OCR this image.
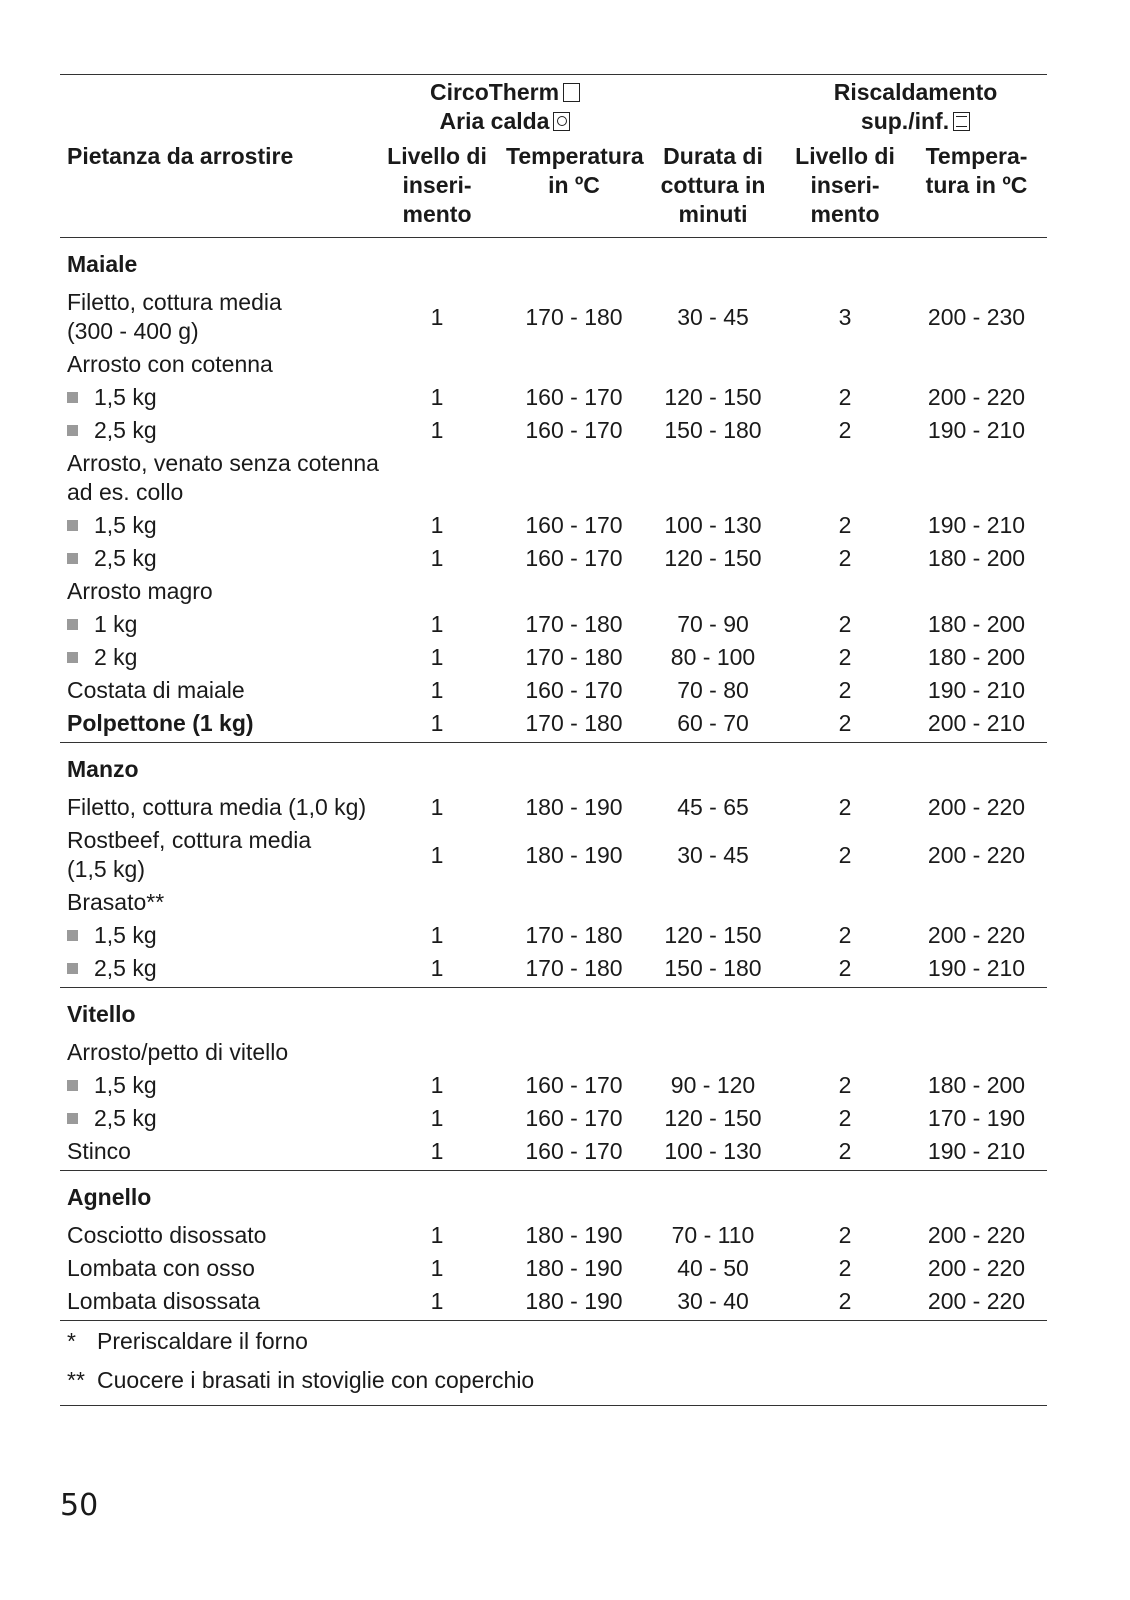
	CircoTherm
Aria calda			Riscaldamento
sup./inf.	
Pietanza da arrostire	Livello di
inseri-
mento	Temperatura
in ºC	Durata di
cottura in
minuti	Livello di
inseri-
mento	Tempera-
tura in ºC
Maiale					
Filetto, cottura media
(300 - 400 g)	1	170 - 180	30 - 45	3	200 - 230
Arrosto con cotenna					
1,5 kg	1	160 - 170	120 - 150	2	200 - 220
2,5 kg	1	160 - 170	150 - 180	2	190 - 210
Arrosto, venato senza cotenna
ad es. collo					
1,5 kg	1	160 - 170	100 - 130	2	190 - 210
2,5 kg	1	160 - 170	120 - 150	2	180 - 200
Arrosto magro					
1 kg	1	170 - 180	70 - 90	2	180 - 200
2 kg	1	170 - 180	80 - 100	2	180 - 200
Costata di maiale	1	160 - 170	70 - 80	2	190 - 210
Polpettone (1 kg)	1	170 - 180	60 - 70	2	200 - 210
Manzo					
Filetto, cottura media (1,0 kg)	1	180 - 190	45 - 65	2	200 - 220
Rostbeef, cottura media
(1,5 kg)	1	180 - 190	30 - 45	2	200 - 220
Brasato**					
1,5 kg	1	170 - 180	120 - 150	2	200 - 220
2,5 kg	1	170 - 180	150 - 180	2	190 - 210
Vitello					
Arrosto/petto di vitello					
1,5 kg	1	160 - 170	90 - 120	2	180 - 200
2,5 kg	1	160 - 170	120 - 150	2	170 - 190
Stinco	1	160 - 170	100 - 130	2	190 - 210
Agnello					
Cosciotto disossato	1	180 - 190	70 - 110	2	200 - 220
Lombata con osso	1	180 - 190	40 - 50	2	200 - 220
Lombata disossata	1	180 - 190	30 - 40	2	200 - 220
* Preriscaldare il forno
** Cuocere i brasati in stoviglie con coperchio
50
